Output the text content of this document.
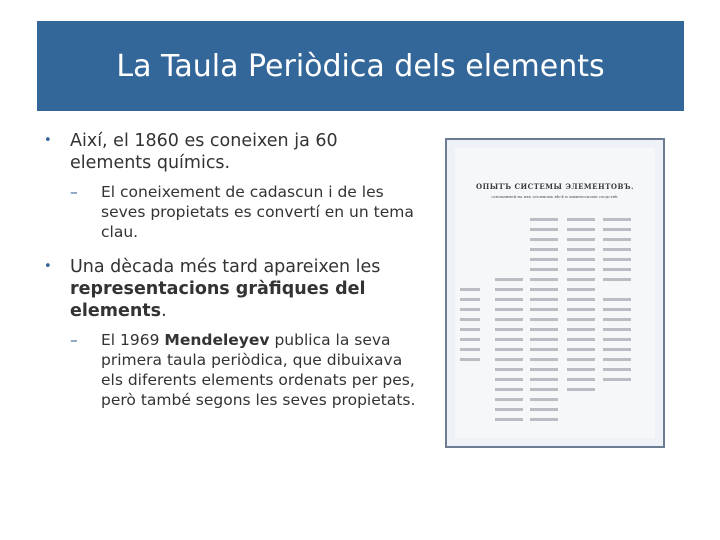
La Taula Periòdica dels elements
• Així, el 1860 es coneixen ja 60 elements químics.
– El coneixement de cadascun i de les seves propietats es convertí en un tema clau.
• Una dècada més tard apareixen les representacions gràfiques del elements.
– El 1969 Mendeleyev publica la seva primera taula periòdica, que dibuixava els diferents elements ordenats per pes, però també segons les seves propietats.
ОПЫТЪ СИСТЕМЫ ЭЛЕМЕНТОВЪ.
основанной на ихъ атомномъ вѣсѣ и химическомъ сходствѣ.
